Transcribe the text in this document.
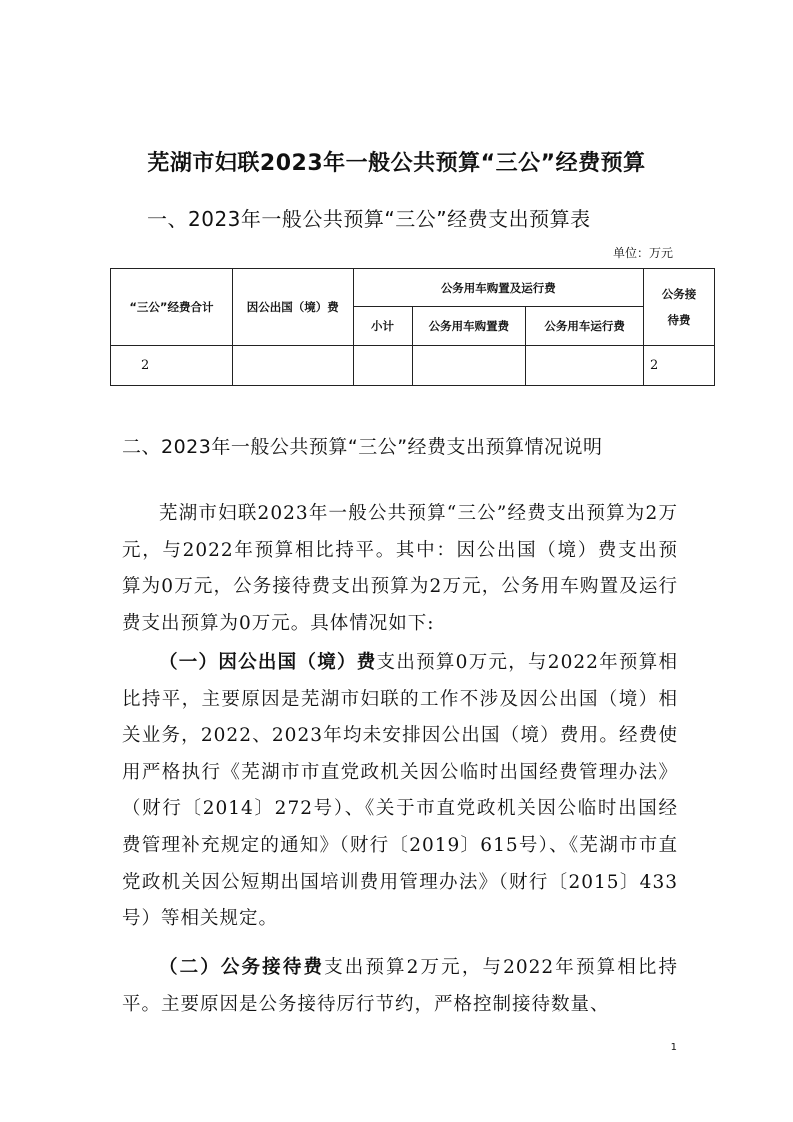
芜湖市妇联2023年一般公共预算“三公”经费预算
一、2023年一般公共预算“三公”经费支出预算表
单位：万元
“三公”经费合计	因公出国（境）费	公务用车购置及运行费			公务接待费
		小计	公务用车购置费	公务用车运行费	
2					2
二、2023年一般公共预算“三公”经费支出预算情况说明

芜湖市妇联2023年一般公共预算“三公”经费支出预算为2万元，与2022年预算相比持平。其中：因公出国（境）费支出预算为0万元，公务接待费支出预算为2万元，公务用车购置及运行费支出预算为0万元。具体情况如下:

（一）因公出国（境）费支出预算0万元，与2022年预算相比持平，主要原因是芜湖市妇联的工作不涉及因公出国（境）相关业务，2022、2023年均未安排因公出国（境）费用。经费使用严格执行《芜湖市市直党政机关因公临时出国经费管理办法》（财行〔2014〕272号）、《关于市直党政机关因公临时出国经费管理补充规定的通知》（财行〔2019〕615号）、《芜湖市市直党政机关因公短期出国培训费用管理办法》（财行〔2015〕433号）等相关规定。

（二）公务接待费支出预算2万元，与2022年预算相比持平。主要原因是公务接待厉行节约，严格控制接待数量、

1
